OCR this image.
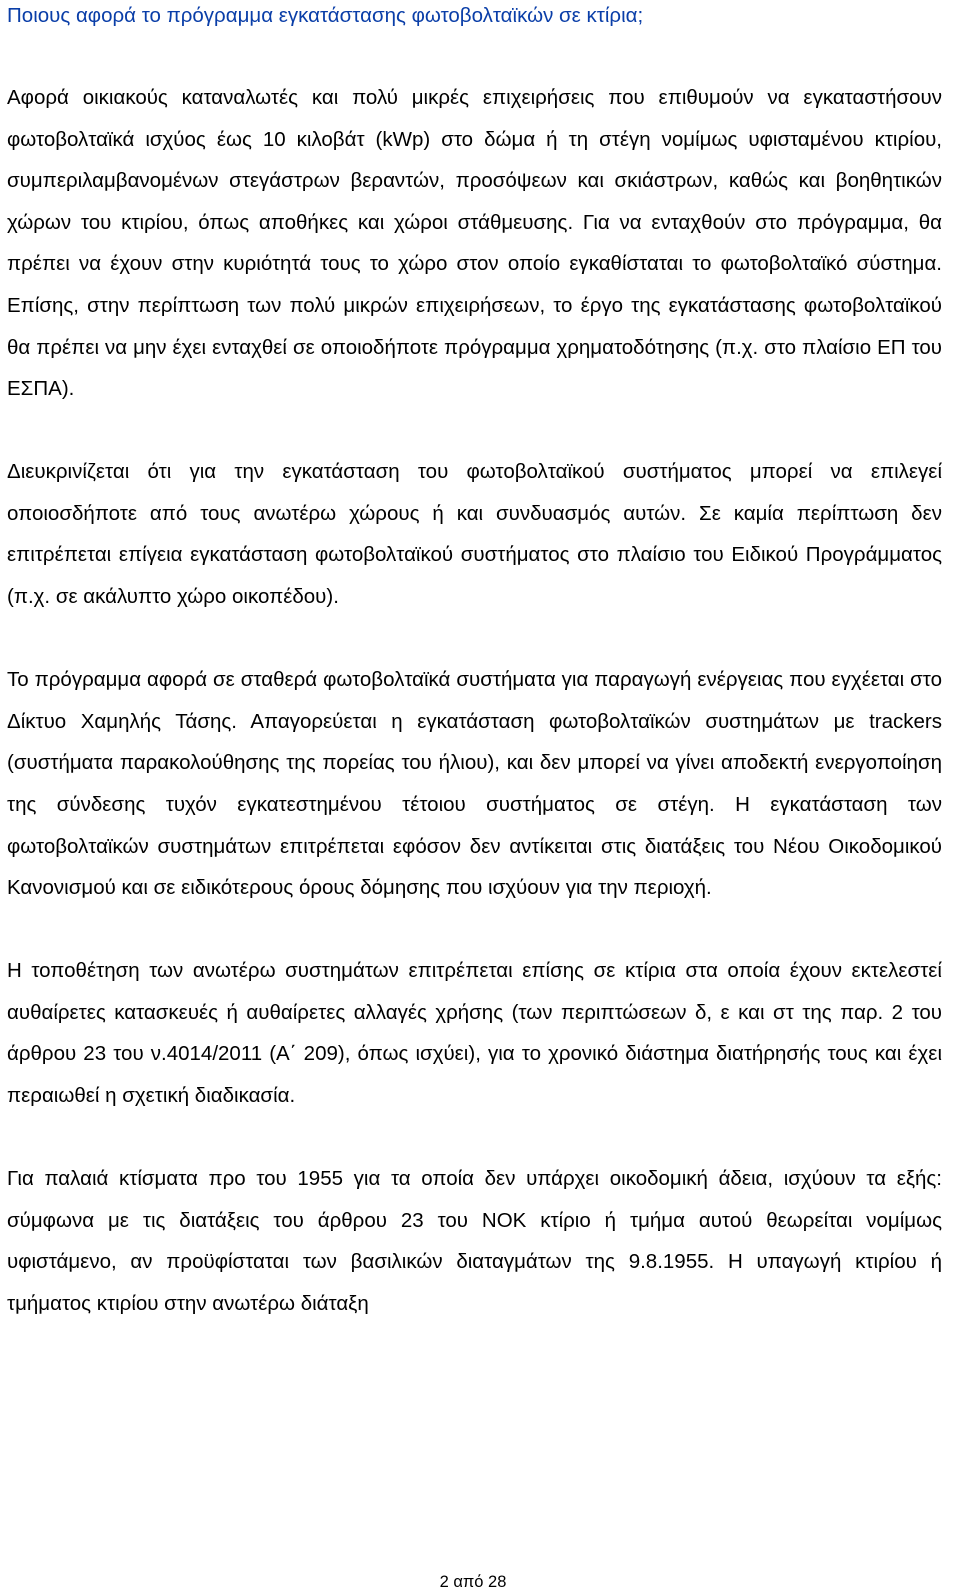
Ποιους αφορά το πρόγραμμα εγκατάστασης φωτοβολταϊκών σε κτίρια;

Αφορά οικιακούς καταναλωτές και πολύ μικρές επιχειρήσεις που επιθυμούν να εγκαταστήσουν φωτοβολταϊκά ισχύος έως 10 κιλοβάτ (kWp) στο δώμα ή τη στέγη νομίμως υφισταμένου κτιρίου, συμπεριλαμβανομένων στεγάστρων βεραντών, προσόψεων και σκιάστρων, καθώς και βοηθητικών χώρων του κτιρίου, όπως αποθήκες και χώροι στάθμευσης. Για να ενταχθούν στο πρόγραμμα, θα πρέπει να έχουν στην κυριότητά τους το χώρο στον οποίο εγκαθίσταται το φωτοβολταϊκό σύστημα. Επίσης, στην περίπτωση των πολύ μικρών επιχειρήσεων, το έργο της εγκατάστασης φωτοβολταϊκού θα πρέπει να μην έχει ενταχθεί σε οποιοδήποτε πρόγραμμα χρηματοδότησης (π.χ. στο πλαίσιο ΕΠ του ΕΣΠΑ).

Διευκρινίζεται ότι για την εγκατάσταση του φωτοβολταϊκού συστήματος μπορεί να επιλεγεί οποιοσδήποτε από τους ανωτέρω χώρους ή και συνδυασμός αυτών. Σε καμία περίπτωση δεν επιτρέπεται επίγεια εγκατάσταση φωτοβολταϊκού συστήματος στο πλαίσιο του Ειδικού Προγράμματος (π.χ. σε ακάλυπτο χώρο οικοπέδου).

Το πρόγραμμα αφορά σε σταθερά φωτοβολταϊκά συστήματα για παραγωγή ενέργειας που εγχέεται στο Δίκτυο Χαμηλής Τάσης. Απαγορεύεται η εγκατάσταση φωτοβολταϊκών συστημάτων με trackers (συστήματα παρακολούθησης της πορείας του ήλιου), και δεν μπορεί να γίνει αποδεκτή ενεργοποίηση της σύνδεσης τυχόν εγκατεστημένου τέτοιου συστήματος σε στέγη. Η εγκατάσταση των φωτοβολταϊκών συστημάτων επιτρέπεται εφόσον δεν αντίκειται στις διατάξεις του Νέου Οικοδομικού Κανονισμού και σε ειδικότερους όρους δόμησης που ισχύουν για την περιοχή.

Η τοποθέτηση των ανωτέρω συστημάτων επιτρέπεται επίσης σε κτίρια στα οποία έχουν εκτελεστεί αυθαίρετες κατασκευές ή αυθαίρετες αλλαγές χρήσης (των περιπτώσεων δ, ε και στ της παρ. 2 του άρθρου 23 του ν.4014/2011 (Α΄ 209), όπως ισχύει), για το χρονικό διάστημα διατήρησής τους και έχει περαιωθεί η σχετική διαδικασία.

Για παλαιά κτίσματα προ του 1955 για τα οποία δεν υπάρχει οικοδομική άδεια, ισχύουν τα εξής: σύμφωνα με τις διατάξεις του άρθρου 23 του ΝΟΚ κτίριο ή τμήμα αυτού θεωρείται νομίμως υφιστάμενο, αν προϋφίσταται των βασιλικών διαταγμάτων της 9.8.1955. Η υπαγωγή κτιρίου ή τμήματος κτιρίου στην ανωτέρω διάταξη

2 από 28
